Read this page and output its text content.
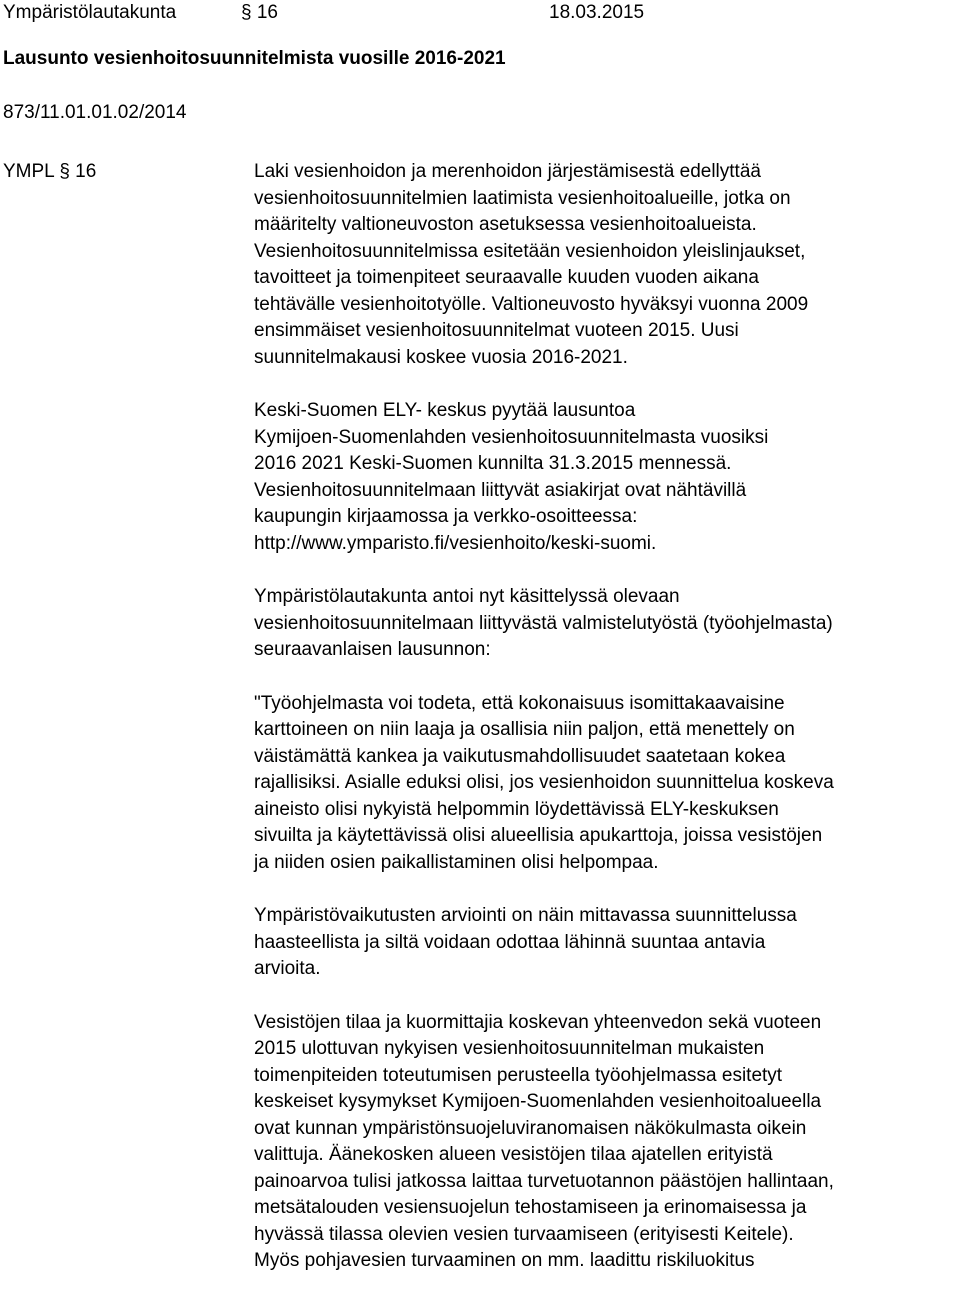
Ympäristölautakunta	§ 16	18.03.2015
Lausunto vesienhoitosuunnitelmista vuosille 2016-2021
873/11.01.01.02/2014
YMPL § 16	Laki vesienhoidon ja merenhoidon järjestämisestä edellyttää
vesienhoitosuunnitelmien laatimista vesienhoitoalueille, jotka on
määritelty valtioneuvoston asetuksessa vesienhoitoalueista.
Vesienhoitosuunnitelmissa esitetään vesienhoidon yleislinjaukset,
tavoitteet ja toimenpiteet seuraavalle kuuden vuoden aikana
tehtävälle vesienhoitotyölle. Valtioneuvosto hyväksyi vuonna 2009
ensimmäiset vesienhoitosuunnitelmat vuoteen 2015. Uusi
suunnitelmakausi koskee vuosia 2016-2021.

Keski-Suomen ELY- keskus pyytää lausuntoa
Kymijoen-Suomenlahden vesienhoitosuunnitelmasta vuosiksi
2016 2021 Keski-Suomen kunnilta 31.3.2015 mennessä.
Vesienhoitosuunnitelmaan liittyvät asiakirjat ovat nähtävillä
kaupungin kirjaamossa ja verkko-osoitteessa:
http://www.ymparisto.fi/vesienhoito/keski-suomi.

Ympäristölautakunta antoi nyt käsittelyssä olevaan
vesienhoitosuunnitelmaan liittyvästä valmistelutyöstä (työohjelmasta)
seuraavanlaisen lausunnon:

"Työohjelmasta voi todeta, että kokonaisuus isomittakaavaisine
karttoineen on niin laaja ja osallisia niin paljon, että menettely on
väistämättä kankea ja vaikutusmahdollisuudet saatetaan kokea
rajallisiksi. Asialle eduksi olisi, jos vesienhoidon suunnittelua koskeva
aineisto olisi nykyistä helpommin löydettävissä ELY-keskuksen
sivuilta ja käytettävissä olisi alueellisia apukarttoja, joissa vesistöjen
ja niiden osien paikallistaminen olisi helpompaa.

Ympäristövaikutusten arviointi on näin mittavassa suunnittelussa
haasteellista ja siltä voidaan odottaa lähinnä suuntaa antavia
arvioita.

Vesistöjen tilaa ja kuormittajia koskevan yhteenvedon sekä vuoteen
2015 ulottuvan nykyisen vesienhoitosuunnitelman mukaisten
toimenpiteiden toteutumisen perusteella työohjelmassa esitetyt
keskeiset kysymykset Kymijoen-Suomenlahden vesienhoitoalueella
ovat kunnan ympäristönsuojeluviranomaisen näkökulmasta oikein
valittuja. Äänekosken alueen vesistöjen tilaa ajatellen erityistä
painoarvoa tulisi jatkossa laittaa turvetuotannon päästöjen hallintaan,
metsätalouden vesiensuojelun tehostamiseen ja erinomaisessa ja
hyvässä tilassa olevien vesien turvaamiseen (erityisesti Keitele).
Myös pohjavesien turvaaminen on mm. laadittu riskiluokitus
